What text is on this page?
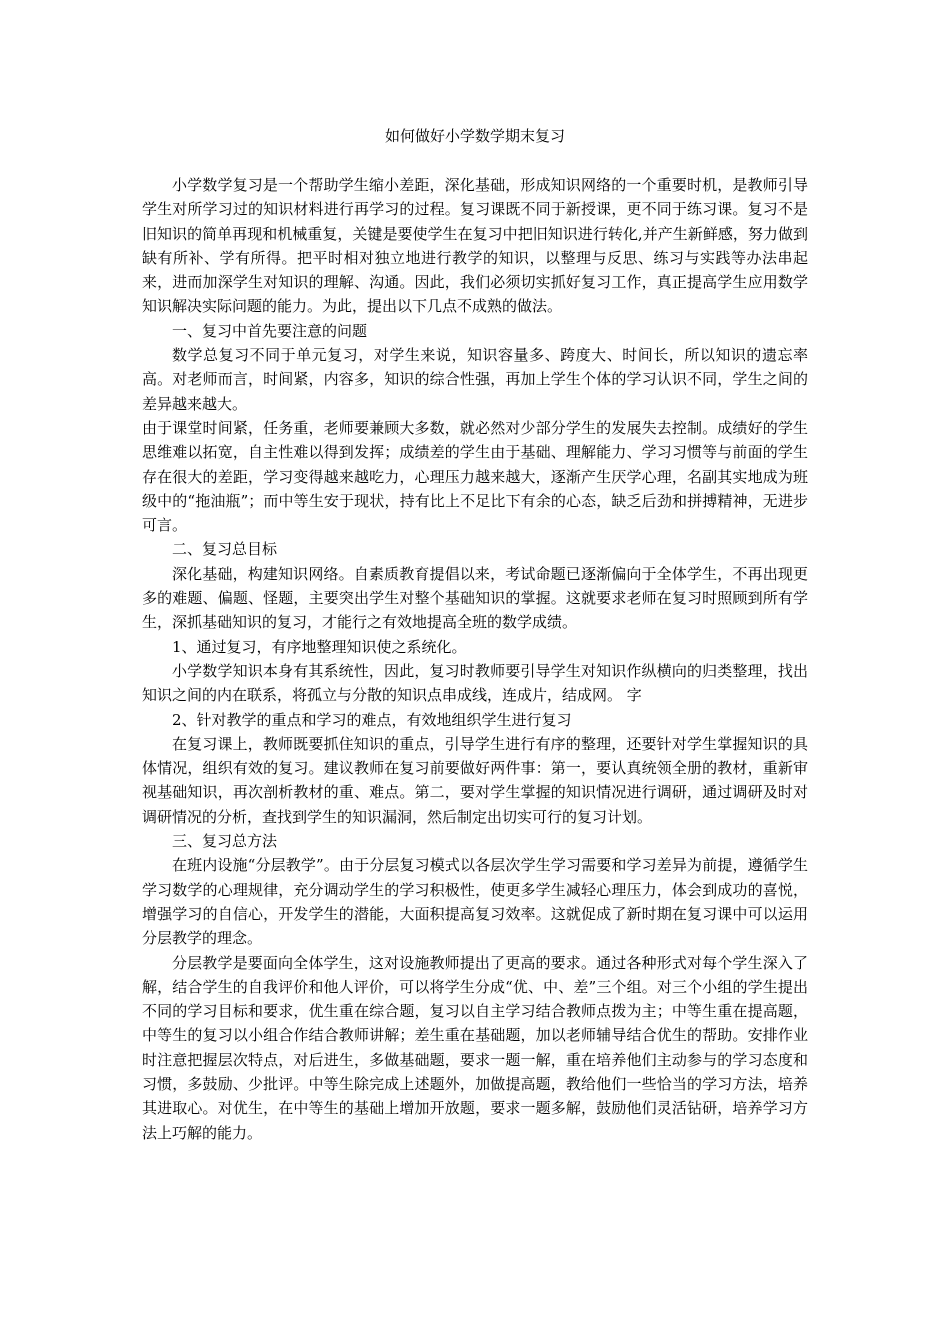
如何做好小学数学期末复习

小学数学复习是一个帮助学生缩小差距，深化基础，形成知识网络的一个重要时机，是教师引导学生对所学习过的知识材料进行再学习的过程。复习课既不同于新授课，更不同于练习课。复习不是旧知识的简单再现和机械重复，关键是要使学生在复习中把旧知识进行转化,并产生新鲜感，努力做到缺有所补、学有所得。把平时相对独立地进行教学的知识，以整理与反思、练习与实践等办法串起来，进而加深学生对知识的理解、沟通。因此，我们必须切实抓好复习工作，真正提高学生应用数学知识解决实际问题的能力。为此，提出以下几点不成熟的做法。

一、复习中首先要注意的问题

数学总复习不同于单元复习，对学生来说，知识容量多、跨度大、时间长，所以知识的遗忘率高。对老师而言，时间紧，内容多，知识的综合性强，再加上学生个体的学习认识不同，学生之间的差异越来越大。

由于课堂时间紧，任务重，老师要兼顾大多数，就必然对少部分学生的发展失去控制。成绩好的学生思维难以拓宽，自主性难以得到发挥；成绩差的学生由于基础、理解能力、学习习惯等与前面的学生存在很大的差距，学习变得越来越吃力，心理压力越来越大，逐渐产生厌学心理，名副其实地成为班级中的“拖油瓶”；而中等生安于现状，持有比上不足比下有余的心态，缺乏后劲和拼搏精神，无进步可言。

二、复习总目标

深化基础，构建知识网络。自素质教育提倡以来，考试命题已逐渐偏向于全体学生，不再出现更多的难题、偏题、怪题，主要突出学生对整个基础知识的掌握。这就要求老师在复习时照顾到所有学生，深抓基础知识的复习，才能行之有效地提高全班的数学成绩。

1、通过复习，有序地整理知识使之系统化。

小学数学知识本身有其系统性，因此，复习时教师要引导学生对知识作纵横向的归类整理，找出知识之间的内在联系，将孤立与分散的知识点串成线，连成片，结成网。 字

2、针对教学的重点和学习的难点，有效地组织学生进行复习

在复习课上，教师既要抓住知识的重点，引导学生进行有序的整理，还要针对学生掌握知识的具体情况，组织有效的复习。建议教师在复习前要做好两件事：第一，要认真统领全册的教材，重新审视基础知识，再次剖析教材的重、难点。第二，要对学生掌握的知识情况进行调研，通过调研及时对调研情况的分析，查找到学生的知识漏洞，然后制定出切实可行的复习计划。

三、复习总方法

在班内设施“分层教学”。由于分层复习模式以各层次学生学习需要和学习差异为前提，遵循学生学习数学的心理规律，充分调动学生的学习积极性，使更多学生减轻心理压力，体会到成功的喜悦，增强学习的自信心，开发学生的潜能，大面积提高复习效率。这就促成了新时期在复习课中可以运用分层教学的理念。

分层教学是要面向全体学生，这对设施教师提出了更高的要求。通过各种形式对每个学生深入了解，结合学生的自我评价和他人评价，可以将学生分成“优、中、差”三个组。对三个小组的学生提出不同的学习目标和要求，优生重在综合题，复习以自主学习结合教师点拨为主；中等生重在提高题，中等生的复习以小组合作结合教师讲解；差生重在基础题，加以老师辅导结合优生的帮助。安排作业时注意把握层次特点，对后进生，多做基础题，要求一题一解，重在培养他们主动参与的学习态度和习惯，多鼓励、少批评。中等生除完成上述题外，加做提高题，教给他们一些恰当的学习方法，培养其进取心。对优生，在中等生的基础上增加开放题，要求一题多解，鼓励他们灵活钻研，培养学习方法上巧解的能力。
